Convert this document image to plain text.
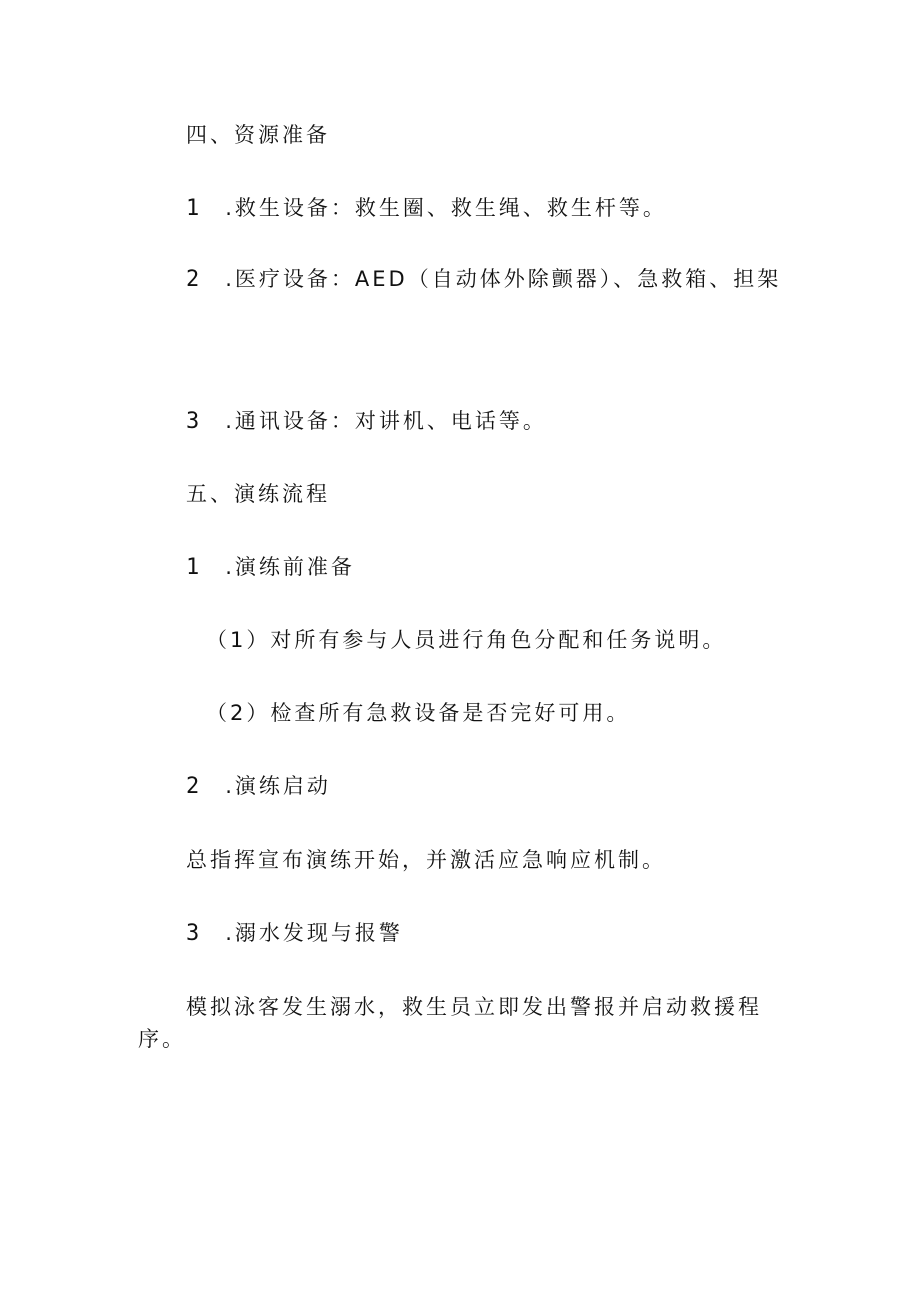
四、资源准备
1 .救生设备：救生圈、救生绳、救生杆等。
2 .医疗设备：AED（自动体外除颤器）、急救箱、担架
3 .通讯设备：对讲机、电话等。
五、演练流程
1 .演练前准备
（1）对所有参与人员进行角色分配和任务说明。
（2）检查所有急救设备是否完好可用。
2 .演练启动
总指挥宣布演练开始，并激活应急响应机制。
3 .溺水发现与报警
模拟泳客发生溺水，救生员立即发出警报并启动救援程
序。
